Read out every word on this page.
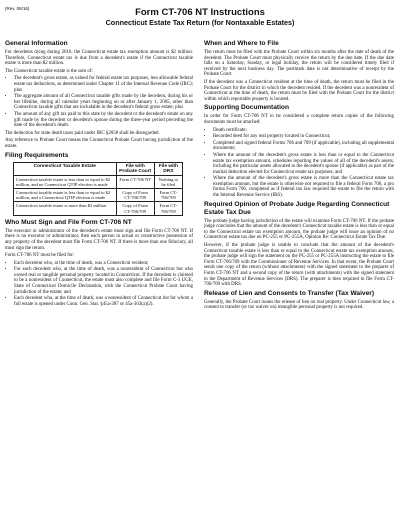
(Rev. 06/16)	Form CT-706 NT Instructions
Connecticut Estate Tax Return (for Nontaxable Estates)
General Information

For decedents dying during 2016, the Connecticut estate tax exemption amount is $2 million. Therefore, Connecticut estate tax is due from a decedent's estate if the Connecticut taxable estate is more than $2 million.

The Connecticut taxable estate is the sum of:

• The decedent's gross estate, as valued for federal estate tax purposes, less allowable federal estate tax deductions, as determined under Chapter 11 of the Internal Revenue Code (IRC); plus
• The aggregate amount of all Connecticut taxable gifts made by the decedent, during his or her lifetime, during all calendar years beginning on or after January 1, 2005, other than Connecticut taxable gifts that are includable in the decedent's federal gross estate; plus
• The amount of any gift tax paid to this state by the decedent or the decedent's estate on any gift made by the decedent or decedent's spouse during the three-year period preceding the date of the decedent's death.

The deduction for state death taxes paid under IRC §2058 shall be disregarded.

Any reference to Probate Court means the Connecticut Probate Court having jurisdiction of the estate.

Filing Requirements
Connecticut Taxable Estate	File with Probate Court	File with DRS
Connecticut taxable estate is less than or equal to $2 million, and no Connecticut QTIP election is made	Form CT-706 NT	Nothing to be filed
Connecticut taxable estate is less than or equal to $2 million, and a Connecticut QTIP election is made	Copy of Form CT-706/709	Form CT-706/709
Connecticut taxable estate is more than $2 million	Copy of Form CT-706/709	Form CT-706/709
Who Must Sign and File Form CT-706 NT

The executor or administrator of the decedent's estate must sign and file Form CT-706 NT. If there is no executor or administrator, then each person in actual or constructive possession of any property of the decedent must file Form CT-706 NT. If there is more than one fiduciary, all must sign the return.

Form CT-706 NT must be filed for:

• Each decedent who, at the time of death, was a Connecticut resident;
• For each decedent who, at the time of death, was a nonresident of Connecticut but who owned real or tangible personal property located in Connecticut. If the decedent is claimed to be a nonresident of Connecticut, the estate must also complete and file Form C-3 UGE, State of Connecticut Domicile Declaration, with the Connecticut Probate Court having jurisdiction of the estate; and
• Each decedent who, at the time of death, was a nonresident of Connecticut but for whom a full estate is opened under Conn. Gen. Stat. §45a-287 or 45a-303(a)(2).
When and Where to File

The return must be filed with the Probate Court within six months after the date of death of the decedent. The Probate Court must physically receive the return by the due date. If the due date falls on a Saturday, Sunday, or legal holiday, the return will be considered timely filed if received by the next business day. The postmark date is not determinative of receipt by the Probate Court.

If the decedent was a Connecticut resident at the time of death, the return must be filed in the Probate Court for the district in which the decedent resided. If the decedent was a nonresident of Connecticut at the time of death, the return must be filed with the Probate Court for the district within which reportable property is located.

Supporting Documentation

In order for Form CT-706 NT to be considered a complete return copies of the following documents must be attached:

• Death certificate;
• Recorded deed for any real property located in Connecticut;
• Completed and signed federal Forms 706 and 709 (if applicable), including all supplemental documents;
• Where the amount of the decedent's gross estate is less than or equal to the Connecticut estate tax exemption amount, schedules reporting the values of all of the decedent's assets, including the particular assets allocated to the decedent's spouse (if applicable) as part of the marital deduction elected for Connecticut estate tax purposes; and
• Where the amount of the decedent's gross estate is more than the Connecticut estate tax exemption amount, but the estate is otherwise not required to file a federal Form 706, a pro forma Form 706, completed as if federal tax law required the estate to file the return with the Internal Revenue Service (IRS).
Required Opinion of Probate Judge Regarding Connecticut Estate Tax Due

The probate judge having jurisdiction of the estate will examine Form CT-706 NT. If the probate judge concludes that the amount of the decedent's Connecticut taxable estate is less than or equal to the Connecticut estate tax exemption amount, the probate judge will issue an opinion of no Connecticut estate tax due on PC-255 or PC-255A, Opinion Re: Connecticut Estate Tax Due.

However, if the probate judge is unable to conclude that the amount of the decedent's Connecticut taxable estate is less than or equal to the Connecticut estate tax exemption amount, the probate judge will sign the statement on the PC-255 or PC-255A instructing the estate to file Form CT-706/709 with the Commissioner of Revenue Services. In that event, the Probate Court sends one copy of the return (without attachments) with the signed statement to the preparer of Form CT-706 NT and a second copy of the return (with attachments) with the signed statement to the Department of Revenue Services (DRS). The preparer is then required to file Form CT-706/709 with DRS.

Release of Lien and Consents to Transfer (Tax Waiver)

Generally, the Probate Court issues the release of lien on real property. Under Connecticut law, a consent to transfer (or tax waiver on) intangible personal property is not required.
